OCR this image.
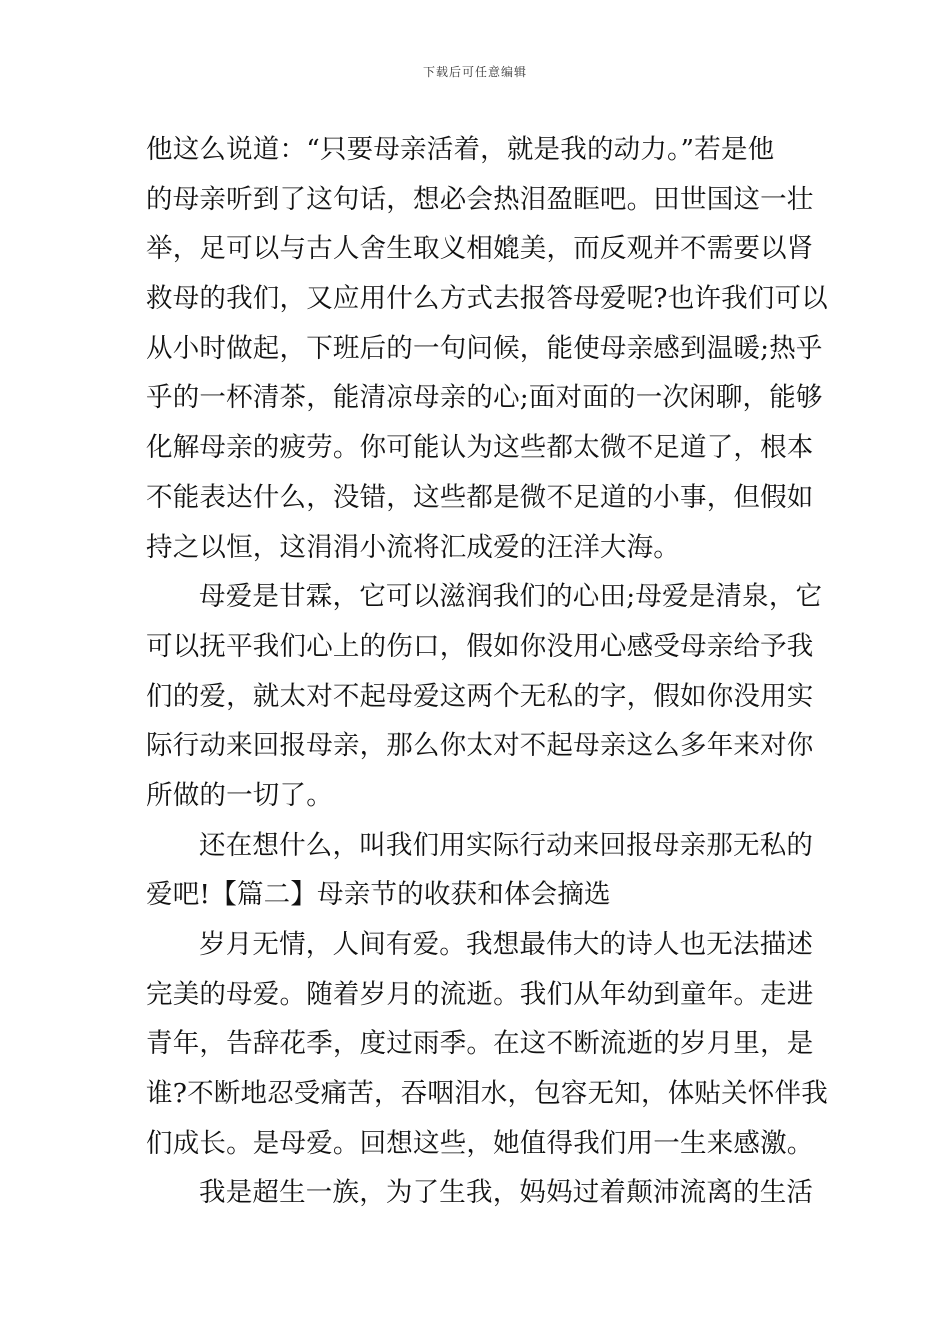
下载后可任意编辑
他这么说道：“只要母亲活着，就是我的动力。”若是他
的母亲听到了这句话，想必会热泪盈眶吧。田世国这一壮
举，足可以与古人舍生取义相媲美，而反观并不需要以肾
救母的我们，又应用什么方式去报答母爱呢?也许我们可以
从小时做起，下班后的一句问候，能使母亲感到温暖;热乎
乎的一杯清茶，能清凉母亲的心;面对面的一次闲聊，能够
化解母亲的疲劳。你可能认为这些都太微不足道了，根本
不能表达什么，没错，这些都是微不足道的小事，但假如
持之以恒，这涓涓小流将汇成爱的汪洋大海。
母爱是甘霖，它可以滋润我们的心田;母爱是清泉，它
可以抚平我们心上的伤口，假如你没用心感受母亲给予我
们的爱，就太对不起母爱这两个无私的字，假如你没用实
际行动来回报母亲，那么你太对不起母亲这么多年来对你
所做的一切了。
还在想什么，叫我们用实际行动来回报母亲那无私的
爱吧!【篇二】母亲节的收获和体会摘选
岁月无情，人间有爱。我想最伟大的诗人也无法描述
完美的母爱。随着岁月的流逝。我们从年幼到童年。走进
青年，告辞花季，度过雨季。在这不断流逝的岁月里，是
谁?不断地忍受痛苦，吞咽泪水，包容无知，体贴关怀伴我
们成长。是母爱。回想这些，她值得我们用一生来感激。
我是超生一族，为了生我，妈妈过着颠沛流离的生活
